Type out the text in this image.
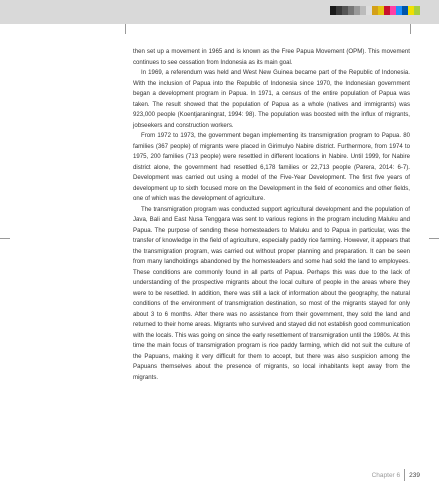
then set up a movement in 1965 and is known as the Free Papua Movement (OPM). This movement continues to see cessation from Indonesia as its main goal.

In 1969, a referendum was held and West New Guinea became part of the Republic of Indonesia. With the inclusion of Papua into the Republic of Indonesia since 1970, the Indonesian government began a development program in Papua. In 1971, a census of the entire population of Papua was taken. The result showed that the population of Papua as a whole (natives and immigrants) was 923,000 people (Koentjaraningrat, 1994: 98). The population was boosted with the influx of migrants, jobseekers and construction workers.

From 1972 to 1973, the government began implementing its transmigration program to Papua. 80 families (367 people) of migrants were placed in Girimulyo Nabire district. Furthermore, from 1974 to 1975, 200 families (713 people) were resettled in different locations in Nabire. Until 1999, for Nabire district alone, the government had resettled 6,178 families or 22,713 people (Parera, 2014: 6-7). Development was carried out using a model of the Five-Year Development. The first five years of development up to sixth focused more on the Development in the field of economics and other fields, one of which was the development of agriculture.

The transmigration program was conducted support agricultural development and the population of Java, Bali and East Nusa Tenggara was sent to various regions in the program including Maluku and Papua. The purpose of sending these homesteaders to Maluku and to Papua in particular, was the transfer of knowledge in the field of agriculture, especially paddy rice farming. However, it appears that the transmigration program, was carried out without proper planning and preparation. It can be seen from many landholdings abandoned by the homesteaders and some had sold the land to employees. These conditions are commonly found in all parts of Papua. Perhaps this was due to the lack of understanding of the prospective migrants about the local culture of people in the areas where they were to be resettled. In addition, there was still a lack of information about the geography, the natural conditions of the environment of transmigration destination, so most of the migrants stayed for only about 3 to 6 months. After there was no assistance from their government, they sold the land and returned to their home areas. Migrants who survived and stayed did not establish good communication with the locals. This was going on since the early resettlement of transmigration until the 1980s. At this time the main focus of transmigration program is rice paddy farming, which did not suit the culture of the Papuans, making it very difficult for them to accept, but there was also suspicion among the Papuans themselves about the presence of migrants, so local inhabitants kept away from the migrants.

Chapter 6 239
